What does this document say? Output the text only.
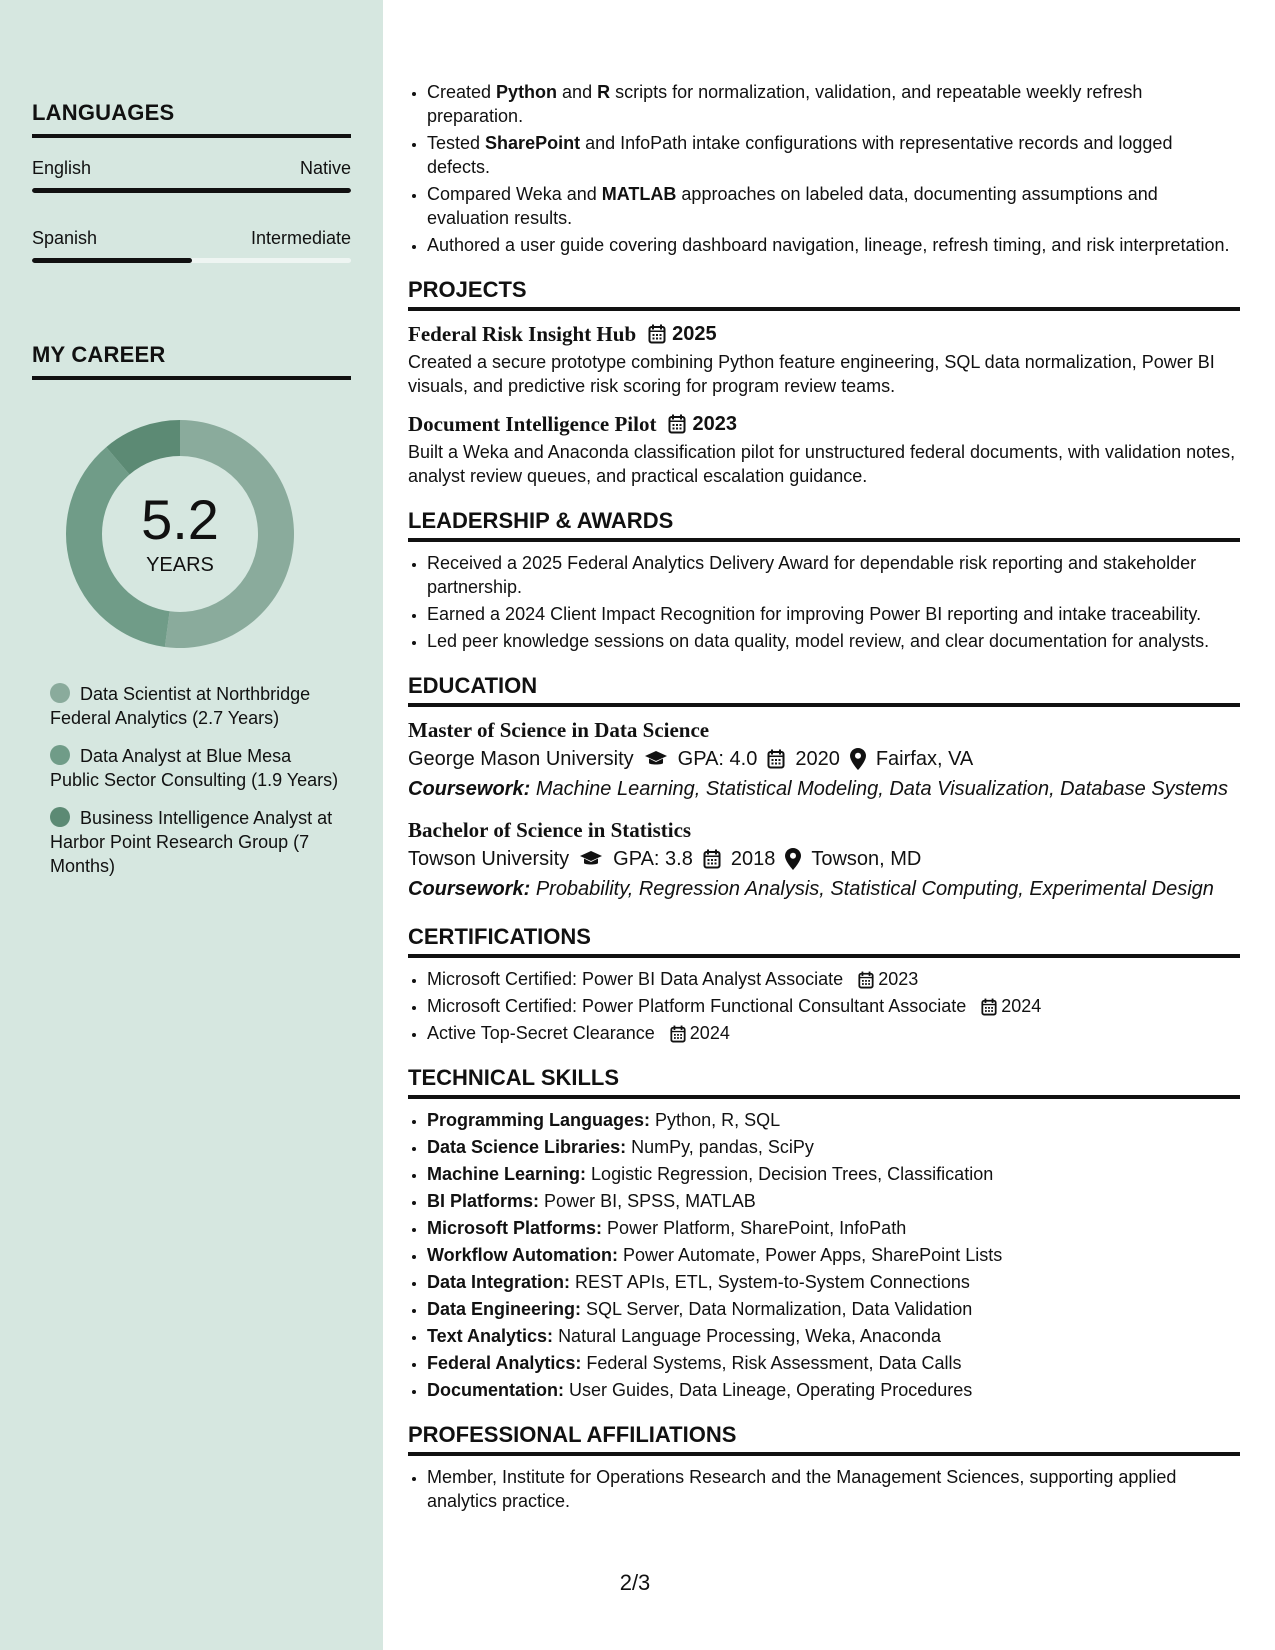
LANGUAGES
English	Native
Spanish	Intermediate
MY CAREER
5.2
YEARS
Data Scientist at Northbridge Federal Analytics (2.7 Years)
Data Analyst at Blue Mesa Public Sector Consulting (1.9 Years)
Business Intelligence Analyst at Harbor Point Research Group (7 Months)
• Created Python and R scripts for normalization, validation, and repeatable weekly refresh preparation.
• Tested SharePoint and InfoPath intake configurations with representative records and logged defects.
• Compared Weka and MATLAB approaches on labeled data, documenting assumptions and evaluation results.
• Authored a user guide covering dashboard navigation, lineage, refresh timing, and risk interpretation.
PROJECTS
Federal Risk Insight Hub 2025
Created a secure prototype combining Python feature engineering, SQL data normalization, Power BI visuals, and predictive risk scoring for program review teams.
Document Intelligence Pilot 2023
Built a Weka and Anaconda classification pilot for unstructured federal documents, with validation notes, analyst review queues, and practical escalation guidance.
LEADERSHIP & AWARDS
• Received a 2025 Federal Analytics Delivery Award for dependable risk reporting and stakeholder partnership.
• Earned a 2024 Client Impact Recognition for improving Power BI reporting and intake traceability.
• Led peer knowledge sessions on data quality, model review, and clear documentation for analysts.
EDUCATION
Master of Science in Data Science
George Mason University GPA: 4.0 2020 Fairfax, VA
Coursework: Machine Learning, Statistical Modeling, Data Visualization, Database Systems
Bachelor of Science in Statistics
Towson University GPA: 3.8 2018 Towson, MD
Coursework: Probability, Regression Analysis, Statistical Computing, Experimental Design
CERTIFICATIONS
• Microsoft Certified: Power BI Data Analyst Associate 2023
• Microsoft Certified: Power Platform Functional Consultant Associate 2024
• Active Top-Secret Clearance 2024
TECHNICAL SKILLS
• Programming Languages: Python, R, SQL
• Data Science Libraries: NumPy, pandas, SciPy
• Machine Learning: Logistic Regression, Decision Trees, Classification
• BI Platforms: Power BI, SPSS, MATLAB
• Microsoft Platforms: Power Platform, SharePoint, InfoPath
• Workflow Automation: Power Automate, Power Apps, SharePoint Lists
• Data Integration: REST APIs, ETL, System-to-System Connections
• Data Engineering: SQL Server, Data Normalization, Data Validation
• Text Analytics: Natural Language Processing, Weka, Anaconda
• Federal Analytics: Federal Systems, Risk Assessment, Data Calls
• Documentation: User Guides, Data Lineage, Operating Procedures
PROFESSIONAL AFFILIATIONS
• Member, Institute for Operations Research and the Management Sciences, supporting applied analytics practice.
2/3
